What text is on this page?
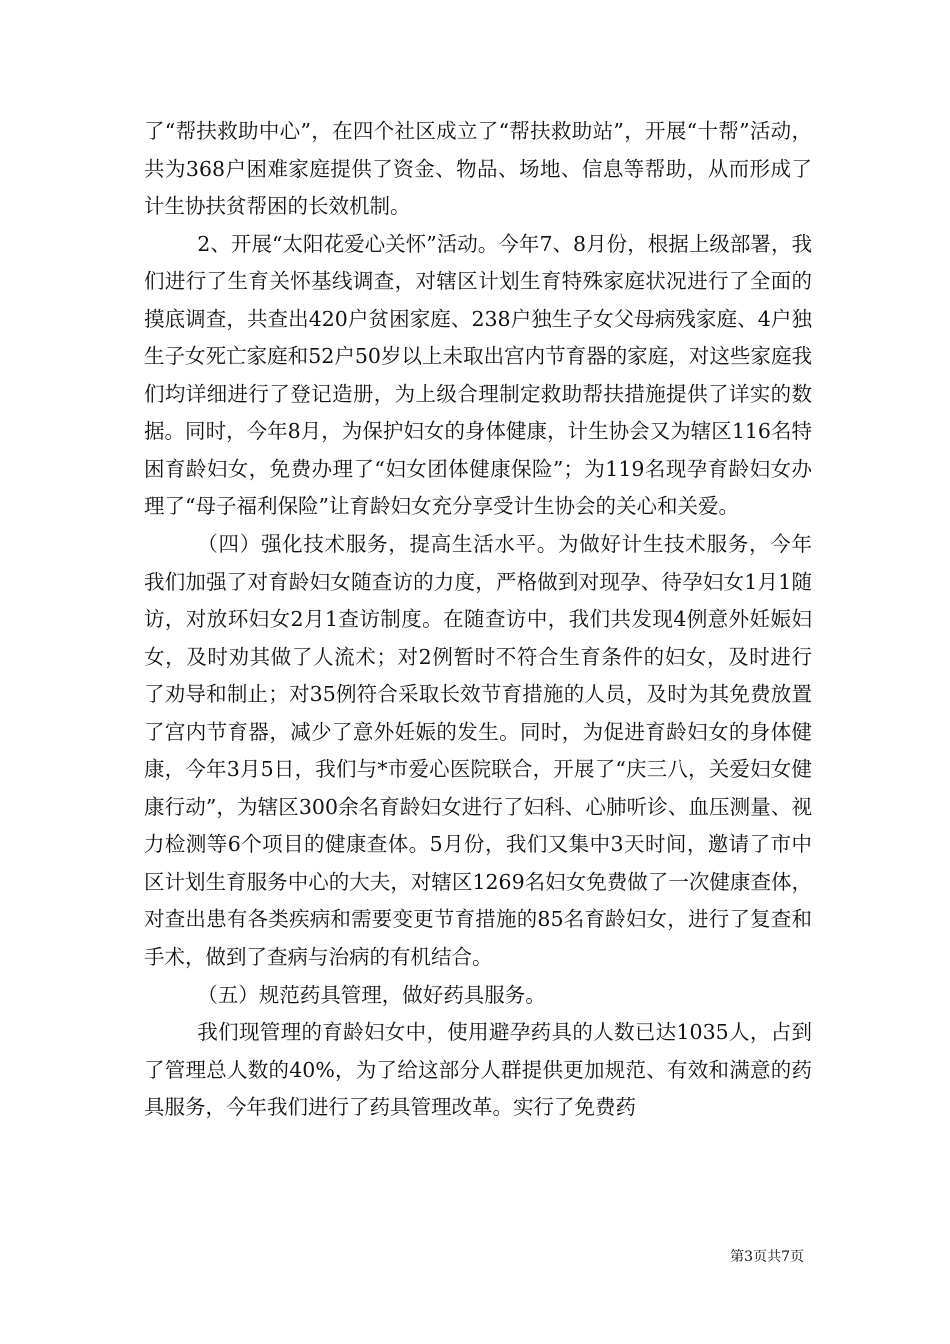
了“帮扶救助中心”，在四个社区成立了“帮扶救助站”，开展“十帮”活动，共为368户困难家庭提供了资金、物品、场地、信息等帮助，从而形成了计生协扶贫帮困的长效机制。

2、开展“太阳花爱心关怀”活动。今年7、8月份，根据上级部署，我们进行了生育关怀基线调查，对辖区计划生育特殊家庭状况进行了全面的摸底调查，共查出420户贫困家庭、238户独生子女父母病残家庭、4户独生子女死亡家庭和52户50岁以上未取出宫内节育器的家庭，对这些家庭我们均详细进行了登记造册，为上级合理制定救助帮扶措施提供了详实的数据。同时，今年8月，为保护妇女的身体健康，计生协会又为辖区116名特困育龄妇女，免费办理了“妇女团体健康保险”；为119名现孕育龄妇女办理了“母子福利保险”让育龄妇女充分享受计生协会的关心和关爱。

（四）强化技术服务，提高生活水平。为做好计生技术服务，今年我们加强了对育龄妇女随查访的力度，严格做到对现孕、待孕妇女1月1随访，对放环妇女2月1查访制度。在随查访中，我们共发现4例意外妊娠妇女，及时劝其做了人流术；对2例暂时不符合生育条件的妇女，及时进行了劝导和制止；对35例符合采取长效节育措施的人员，及时为其免费放置了宫内节育器，减少了意外妊娠的发生。同时，为促进育龄妇女的身体健康，今年3月5日，我们与*市爱心医院联合，开展了“庆三八，关爱妇女健康行动”，为辖区300余名育龄妇女进行了妇科、心肺听诊、血压测量、视力检测等6个项目的健康查体。5月份，我们又集中3天时间，邀请了市中区计划生育服务中心的大夫，对辖区1269名妇女免费做了一次健康查体，对查出患有各类疾病和需要变更节育措施的85名育龄妇女，进行了复查和手术，做到了查病与治病的有机结合。

（五）规范药具管理，做好药具服务。

我们现管理的育龄妇女中，使用避孕药具的人数已达1035人，占到了管理总人数的40%，为了给这部分人群提供更加规范、有效和满意的药具服务，今年我们进行了药具管理改革。实行了免费药

第3页共7页
